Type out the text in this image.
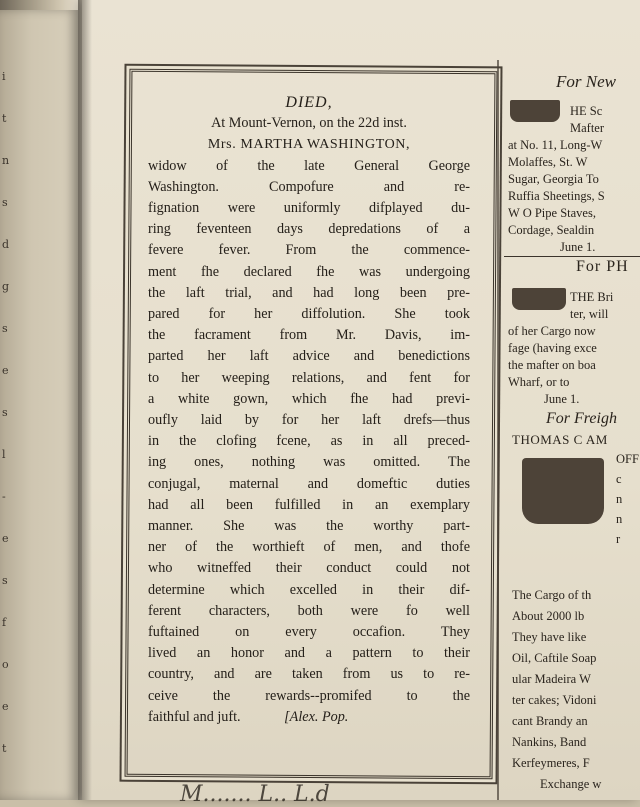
i
t
n
s
d
g
s
e
s
l
-
e
s
f
o
e
t
DIED,
At Mount-Vernon, on the 22d inst.
Mrs. MARTHA WASHINGTON,
widow of the late General George
Washington. Compofure and re-
fignation were uniformly difplayed du-
ring feventeen days depredations of a
fevere fever. From the commence-
ment fhe declared fhe was undergoing
the laft trial, and had long been pre-
pared for her diffolution. She took
the facrament from Mr. Davis, im-
parted her laft advice and benedictions
to her weeping relations, and fent for
a white gown, which fhe had previ-
oufly laid by for her laft drefs—thus
in the clofing fcene, as in all preced-
ing ones, nothing was omitted. The
conjugal, maternal and domeftic duties
had all been fulfilled in an exemplary
manner. She was the worthy part-
ner of the worthieft of men, and thofe
who witneffed their conduct could not
determine which excelled in their dif-
ferent characters, both were fo well
fuftained on every occafion. They
lived an honor and a pattern to their
country, and are taken from us to re-
ceive the rewards--promifed to the
faithful and juft.	[Alex. Pop.
For New
HE Sc
Mafter
at No. 11, Long-W
Molaffes, St. W
Sugar, Georgia To
Ruffia Sheetings, S
W O Pipe Staves,
Cordage, Sealdin
June 1.
For PH
THE Bri
ter, will
of her Cargo now
fage (having exce
the mafter on boa
Wharf, or to
June 1.
For Freigh
THOMAS C AM
OFF
c
n
n
r
The Cargo of th
About 2000 lb
They have like
Oil, Caftile Soap
ular Madeira W
ter cakes; Vidoni
cant Brandy an
Nankins, Band
Kerfeymeres, F
Exchange w
M....... L.. L.d
